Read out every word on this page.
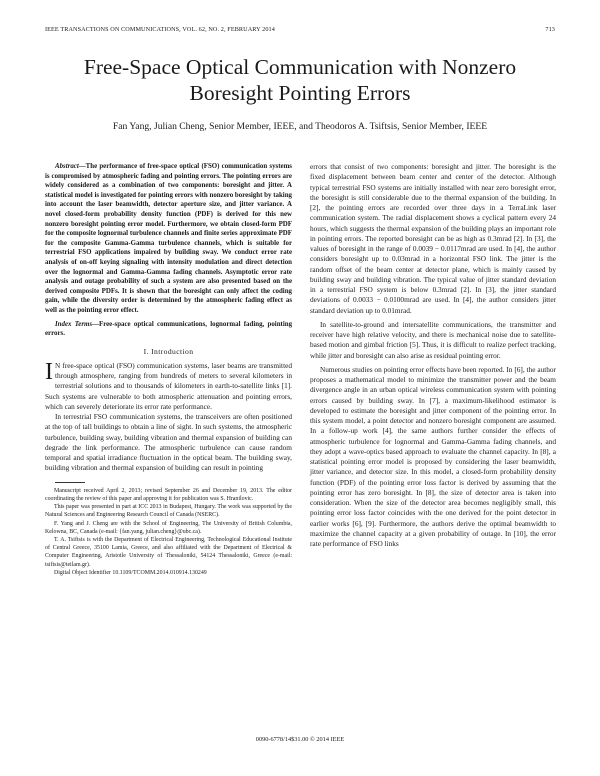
IEEE TRANSACTIONS ON COMMUNICATIONS, VOL. 62, NO. 2, FEBRUARY 2014	713
Free-Space Optical Communication with Nonzero Boresight Pointing Errors
Fan Yang, Julian Cheng, Senior Member, IEEE, and Theodoros A. Tsiftsis, Senior Member, IEEE

Abstract—The performance of free-space optical (FSO) communication systems is compromised by atmospheric fading and pointing errors. The pointing errors are widely considered as a combination of two components: boresight and jitter. A statistical model is investigated for pointing errors with nonzero boresight by taking into account the laser beamwidth, detector aperture size, and jitter variance. A novel closed-form probability density function (PDF) is derived for this new nonzero boresight pointing error model. Furthermore, we obtain closed-form PDF for the composite lognormal turbulence channels and finite series approximate PDF for the composite Gamma-Gamma turbulence channels, which is suitable for terrestrial FSO applications impaired by building sway. We conduct error rate analysis of on-off keying signaling with intensity modulation and direct detection over the lognormal and Gamma-Gamma fading channels. Asymptotic error rate analysis and outage probability of such a system are also presented based on the derived composite PDFs. It is shown that the boresight can only affect the coding gain, while the diversity order is determined by the atmospheric fading effect as well as the pointing error effect.

Index Terms—Free-space optical communications, lognormal fading, pointing errors.

I. Introduction

I N free-space optical (FSO) communication systems, laser beams are transmitted through atmosphere, ranging from hundreds of meters to several kilometers in terrestrial solutions and to thousands of kilometers in earth-to-satellite links [1]. Such systems are vulnerable to both atmospheric attenuation and pointing errors, which can severely deteriorate its error rate performance.

In terrestrial FSO communication systems, the transceivers are often positioned at the top of tall buildings to obtain a line of sight. In such systems, the atmospheric turbulence, building sway, building vibration and thermal expansion of building can degrade the link performance. The atmospheric turbulence can cause random temporal and spatial irradiance fluctuation in the optical beam. The building sway, building vibration and thermal expansion of building can result in pointing

Manuscript received April 2, 2013; revised September 26 and December 19, 2013. The editor coordinating the review of this paper and approving it for publication was S. Hranilovic.

This paper was presented in part at ICC 2013 in Budapest, Hungary. The work was supported by the Natural Sciences and Engineering Research Council of Canada (NSERC).

F. Yang and J. Cheng are with the School of Engineering, The University of British Columbia, Kelowna, BC, Canada (e-mail: {fan.yang, julian.cheng}@ubc.ca).

T. A. Tsiftsis is with the Department of Electrical Engineering, Technological Educational Institute of Central Greece, 35100 Lamia, Greece, and also affiliated with the Department of Electrical & Computer Engineering, Aristotle University of Thessaloniki, 54124 Thessaloniki, Greece (e-mail: tsiftsis@teilam.gr).

Digital Object Identifier 10.1109/TCOMM.2014.010914.130249

errors that consist of two components: boresight and jitter. The boresight is the fixed displacement between beam center and center of the detector. Although typical terrestrial FSO systems are initially installed with near zero boresight error, the boresight is still considerable due to the thermal expansion of the building. In [2], the pointing errors are recorded over three days in a TerraLink laser communication system. The radial displacement shows a cyclical pattern every 24 hours, which suggests the thermal expansion of the building plays an important role in pointing errors. The reported boresight can be as high as 0.3mrad [2]. In [3], the values of boresight in the range of 0.0039 − 0.0117mrad are used. In [4], the author considers boresight up to 0.03mrad in a horizontal FSO link. The jitter is the random offset of the beam center at detector plane, which is mainly caused by building sway and building vibration. The typical value of jitter standard deviation in a terrestrial FSO system is below 0.3mrad [2]. In [3], the jitter standard deviations of 0.0033 − 0.0100mrad are used. In [4], the author considers jitter standard deviation up to 0.01mrad.

In satellite-to-ground and intersatellite communications, the transmitter and receiver have high relative velocity, and there is mechanical noise due to satellite-based motion and gimbal friction [5]. Thus, it is difficult to realize perfect tracking, while jitter and boresight can also arise as residual pointing error.

Numerous studies on pointing error effects have been reported. In [6], the author proposes a mathematical model to minimize the transmitter power and the beam divergence angle in an urban optical wireless communication system with pointing errors caused by building sway. In [7], a maximum-likelihood estimator is developed to estimate the boresight and jitter component of the pointing error. In this system model, a point detector and nonzero boresight component are assumed. In a follow-up work [4], the same authors further consider the effects of atmospheric turbulence for lognormal and Gamma-Gamma fading channels, and they adopt a wave-optics based approach to evaluate the channel capacity. In [8], a statistical pointing error model is proposed by considering the laser beamwidth, jitter variance, and detector size. In this model, a closed-form probability density function (PDF) of the pointing error loss factor is derived by assuming that the pointing error has zero boresight. In [8], the size of detector area is taken into consideration. When the size of the detector area becomes negligibly small, this pointing error loss factor coincides with the one derived for the point detector in earlier works [6], [9]. Furthermore, the authors derive the optimal beamwidth to maximize the channel capacity at a given probability of outage. In [10], the error rate performance of FSO links

0090-6778/14$31.00 © 2014 IEEE
